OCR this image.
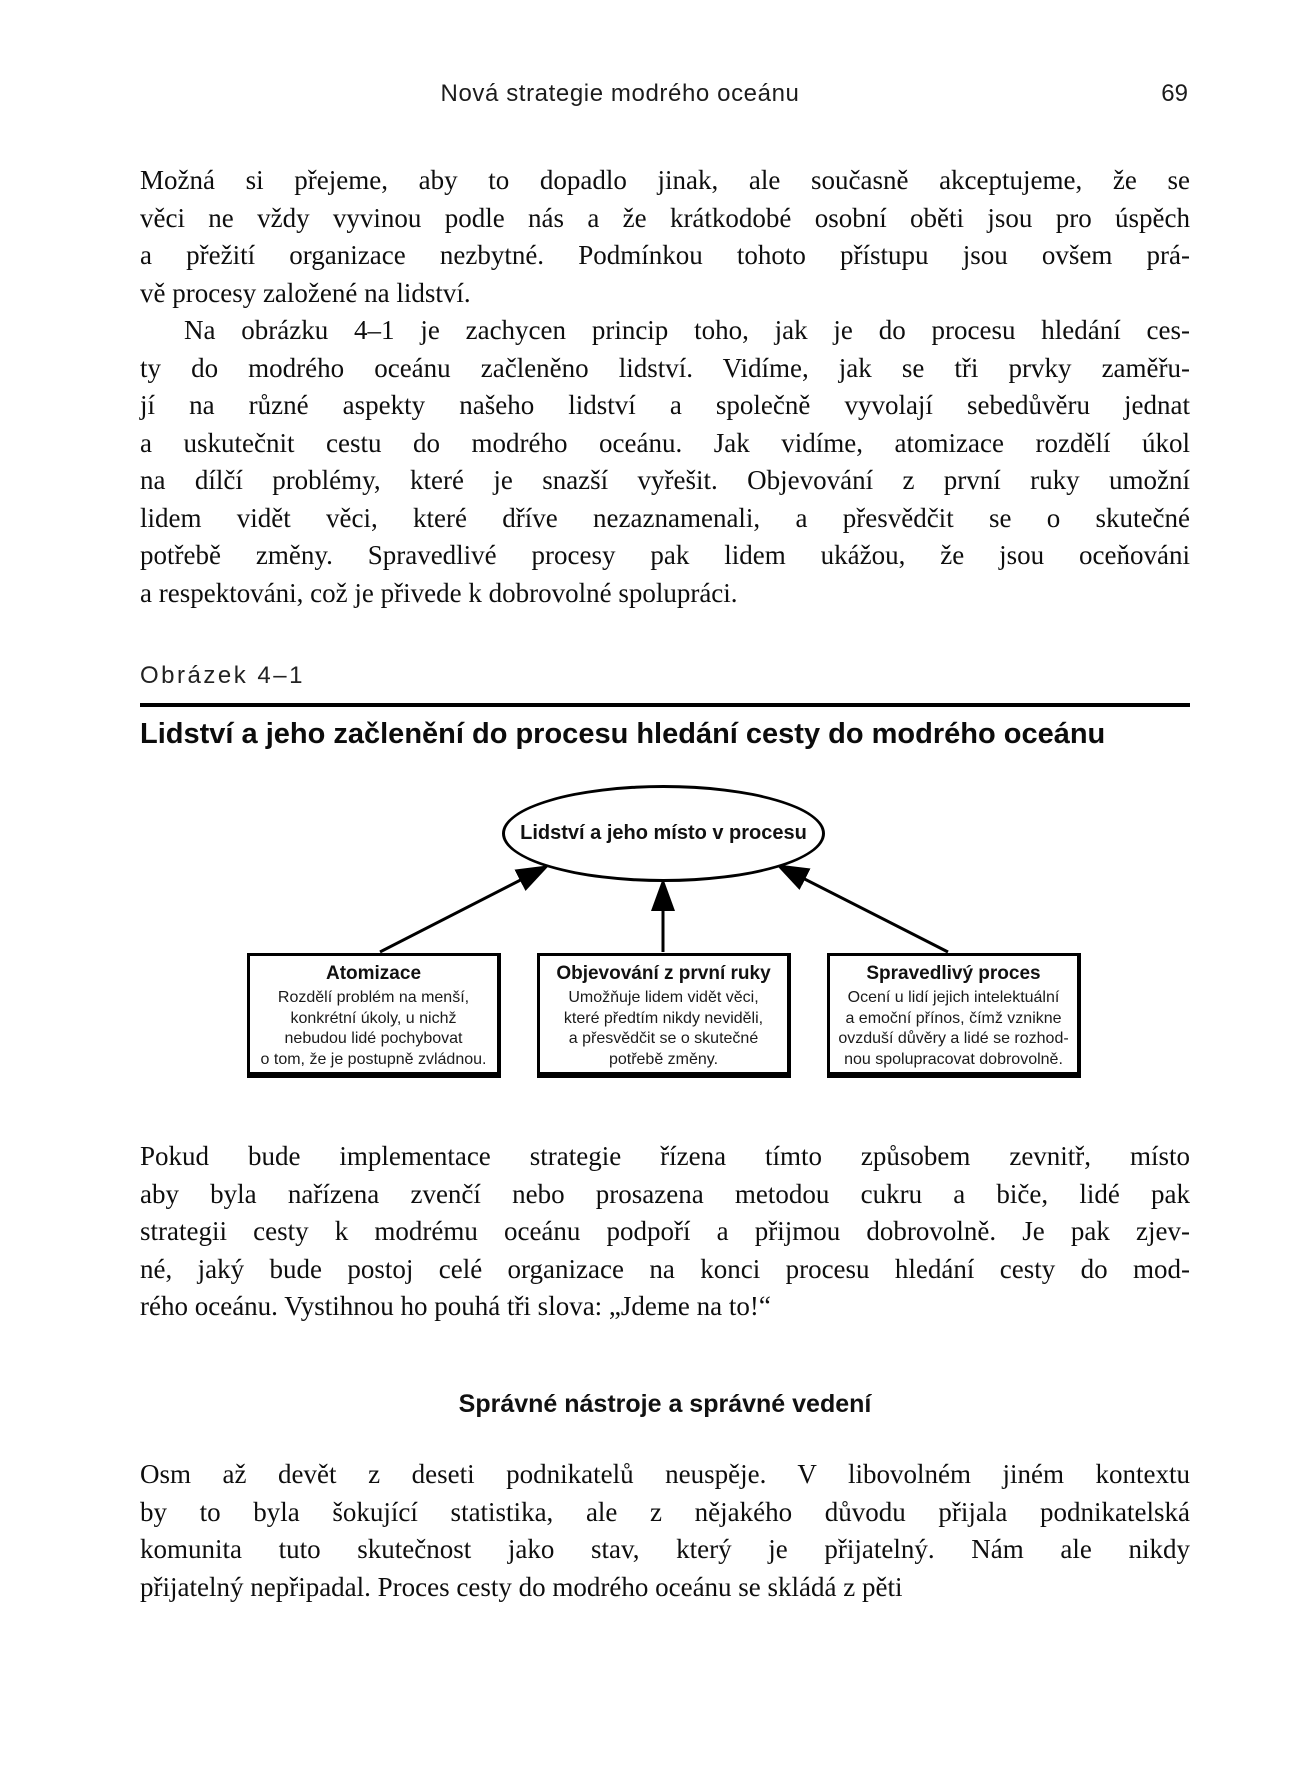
Nová strategie modrého oceánu	69
Možná si přejeme, aby to dopadlo jinak, ale současně akceptujeme, že se
věci ne vždy vyvinou podle nás a že krátkodobé osobní oběti jsou pro úspěch
a přežití organizace nezbytné. Podmínkou tohoto přístupu jsou ovšem prá-
vě procesy založené na lidství.
Na obrázku 4–1 je zachycen princip toho, jak je do procesu hledání ces-
ty do modrého oceánu začleněno lidství. Vidíme, jak se tři prvky zaměřu-
jí na různé aspekty našeho lidství a společně vyvolají sebedůvěru jednat
a uskutečnit cestu do modrého oceánu. Jak vidíme, atomizace rozdělí úkol
na dílčí problémy, které je snazší vyřešit. Objevování z první ruky umožní
lidem vidět věci, které dříve nezaznamenali, a přesvědčit se o skutečné
potřebě změny. Spravedlivé procesy pak lidem ukážou, že jsou oceňováni
a respektováni, což je přivede k dobrovolné spolupráci.
Obrázek 4–1
Lidství a jeho začlenění do procesu hledání cesty do modrého oceánu
Lidství a jeho místo v procesu
Atomizace
Rozdělí problém na menší,
konkrétní úkoly, u nichž
nebudou lidé pochybovat
o tom, že je postupně zvládnou.
Objevování z první ruky
Umožňuje lidem vidět věci,
které předtím nikdy neviděli,
a přesvědčit se o skutečné
potřebě změny.
Spravedlivý proces
Ocení u lidí jejich intelektuální
a emoční přínos, čímž vznikne
ovzduší důvěry a lidé se rozhod-
nou spolupracovat dobrovolně.
Pokud bude implementace strategie řízena tímto způsobem zevnitř, místo
aby byla nařízena zvenčí nebo prosazena metodou cukru a biče, lidé pak
strategii cesty k modrému oceánu podpoří a přijmou dobrovolně. Je pak zjev-
né, jaký bude postoj celé organizace na konci procesu hledání cesty do mod-
rého oceánu. Vystihnou ho pouhá tři slova: „Jdeme na to!“
Správné nástroje a správné vedení
Osm až devět z deseti podnikatelů neuspěje. V libovolném jiném kontextu
by to byla šokující statistika, ale z nějakého důvodu přijala podnikatelská
komunita tuto skutečnost jako stav, který je přijatelný. Nám ale nikdy
přijatelný nepřipadal. Proces cesty do modrého oceánu se skládá z pěti
